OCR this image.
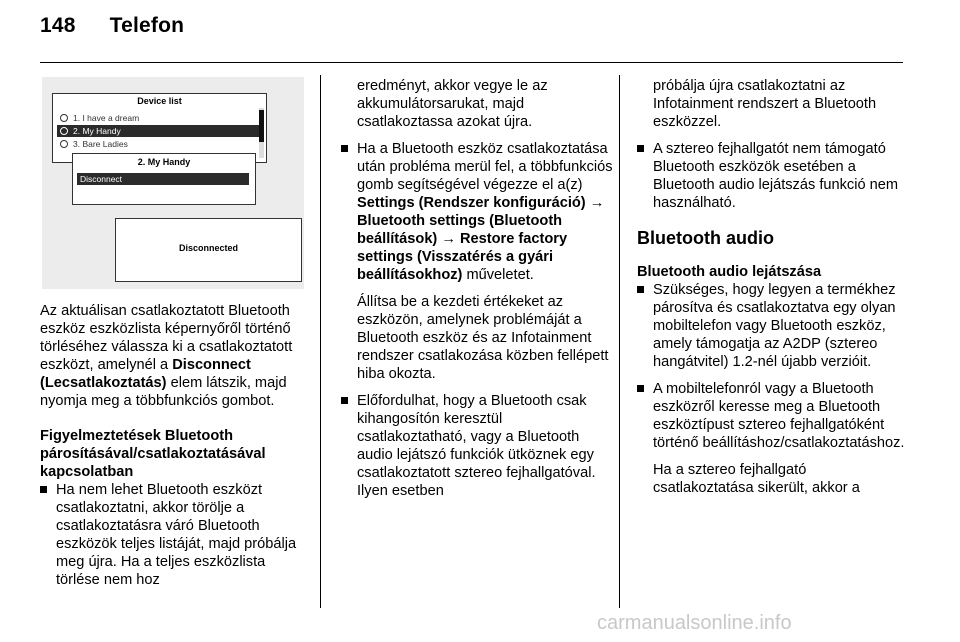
148 Telefon
Device list
1. I have a dream
2. My Handy
3. Bare Ladies
Disconnected
2. My Handy
Disconnect

Az aktuálisan csatlakoztatott Bluetooth eszköz eszközlista képernyőről történő törléséhez válassza ki a csatlakoztatott eszközt, amelynél a Disconnect (Lecsatlakoztatás) elem látszik, majd nyomja meg a többfunkciós gombot.

Figyelmeztetések Bluetooth párosításával/csatlakoztatásával kapcsolatban

Ha nem lehet Bluetooth eszközt csatlakoztatni, akkor törölje a csatlakoztatásra váró Bluetooth eszközök teljes listáját, majd próbálja meg újra. Ha a teljes eszközlista törlése nem hoz

eredményt, akkor vegye le az akkumulátorsarukat, majd csatlakoztassa azokat újra.

Ha a Bluetooth eszköz csatlakoztatása után probléma merül fel, a többfunkciós gomb segítségével végezze el a(z) Settings (Rendszer konfiguráció) → Bluetooth settings (Bluetooth beállítások) → Restore factory settings (Visszatérés a gyári beállításokhoz) műveletet.

Állítsa be a kezdeti értékeket az eszközön, amelynek problémáját a Bluetooth eszköz és az Infotainment rendszer csatlakozása közben fellépett hiba okozta.

Előfordulhat, hogy a Bluetooth csak kihangosítón keresztül csatlakoztatható, vagy a Bluetooth audio lejátszó funkciók ütköznek egy csatlakoztatott sztereo fejhallgatóval. Ilyen esetben

próbálja újra csatlakoztatni az Infotainment rendszert a Bluetooth eszközzel.

A sztereo fejhallgatót nem támogató Bluetooth eszközök esetében a Bluetooth audio lejátszás funkció nem használható.

Bluetooth audio

Bluetooth audio lejátszása

Szükséges, hogy legyen a termékhez párosítva és csatlakoztatva egy olyan mobiltelefon vagy Bluetooth eszköz, amely támogatja az A2DP (sztereo hangátvitel) 1.2-nél újabb verzióit.
A mobiltelefonról vagy a Bluetooth eszközről keresse meg a Bluetooth eszköztípust sztereo fejhallgatóként történő beállításhoz/csatlakoztatáshoz.

Ha a sztereo fejhallgató csatlakoztatása sikerült, akkor a

carmanualsonline.info
